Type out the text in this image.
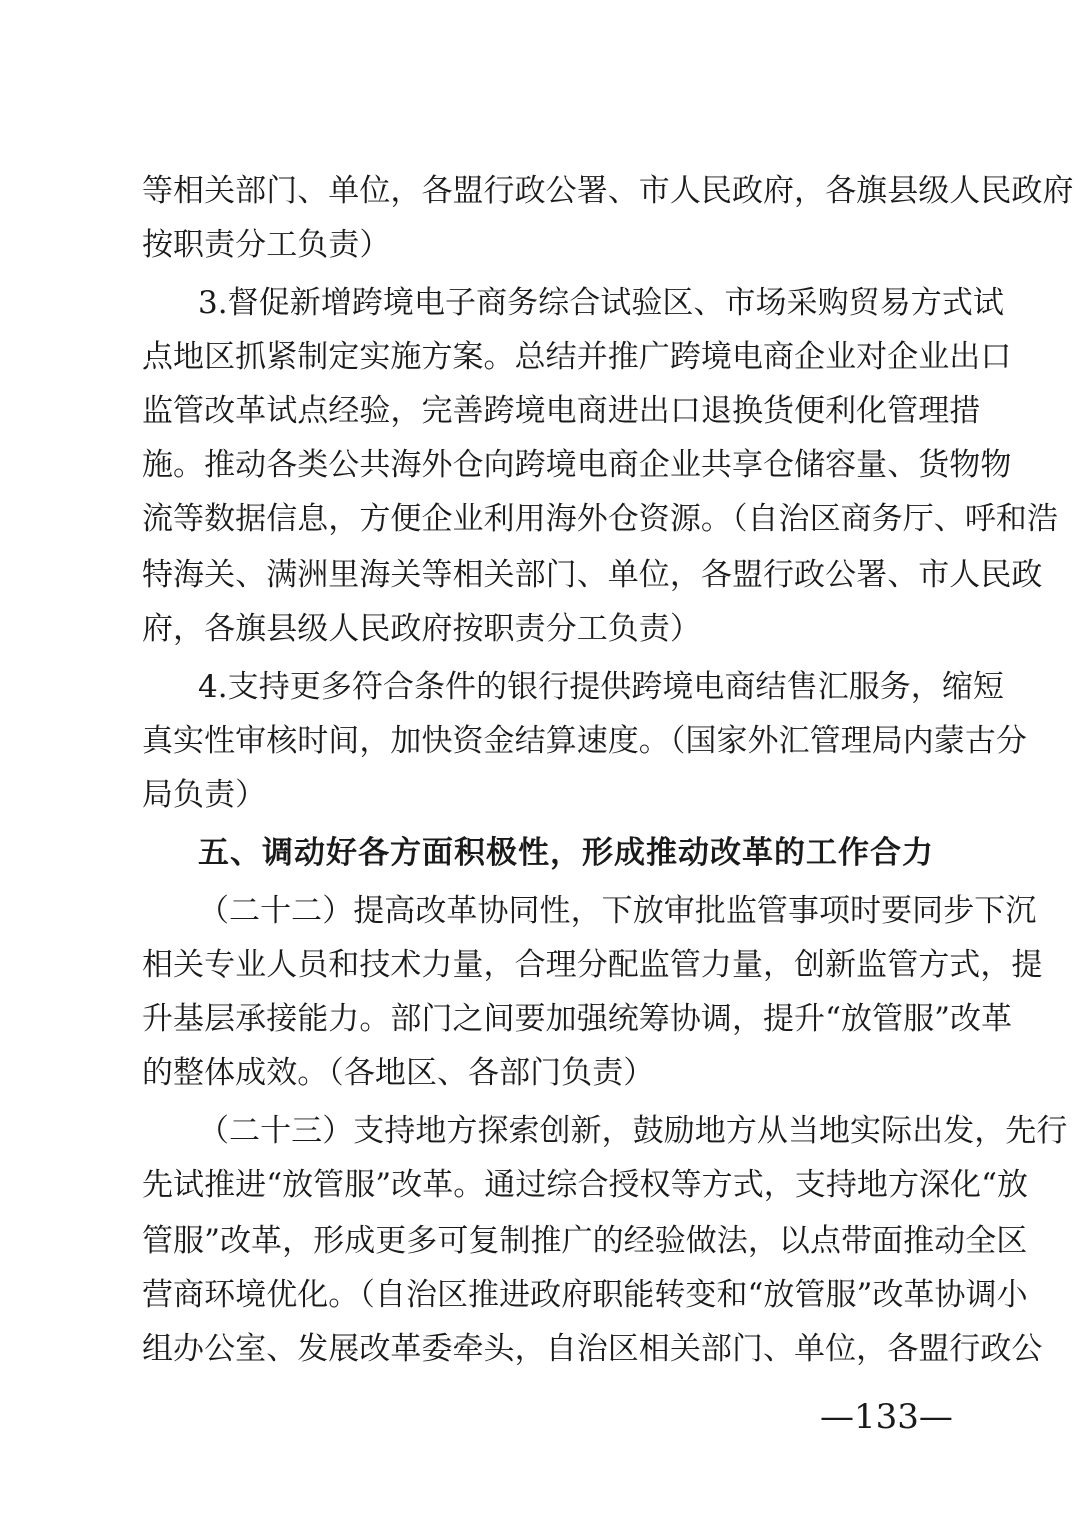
等相关部门、单位，各盟行政公署、市人民政府，各旗县级人民政府
按职责分工负责）
3.督促新增跨境电子商务综合试验区、市场采购贸易方式试
点地区抓紧制定实施方案。总结并推广跨境电商企业对企业出口
监管改革试点经验，完善跨境电商进出口退换货便利化管理措
施。推动各类公共海外仓向跨境电商企业共享仓储容量、货物物
流等数据信息，方便企业利用海外仓资源。（自治区商务厅、呼和浩
特海关、满洲里海关等相关部门、单位，各盟行政公署、市人民政
府，各旗县级人民政府按职责分工负责）
4.支持更多符合条件的银行提供跨境电商结售汇服务，缩短
真实性审核时间，加快资金结算速度。（国家外汇管理局内蒙古分
局负责）
五、调动好各方面积极性，形成推动改革的工作合力
（二十二）提高改革协同性，下放审批监管事项时要同步下沉
相关专业人员和技术力量，合理分配监管力量，创新监管方式，提
升基层承接能力。部门之间要加强统筹协调，提升“放管服”改革
的整体成效。（各地区、各部门负责）
（二十三）支持地方探索创新，鼓励地方从当地实际出发，先行
先试推进“放管服”改革。通过综合授权等方式，支持地方深化“放
管服”改革，形成更多可复制推广的经验做法，以点带面推动全区
营商环境优化。（自治区推进政府职能转变和“放管服”改革协调小
组办公室、发展改革委牵头，自治区相关部门、单位，各盟行政公
—133—
